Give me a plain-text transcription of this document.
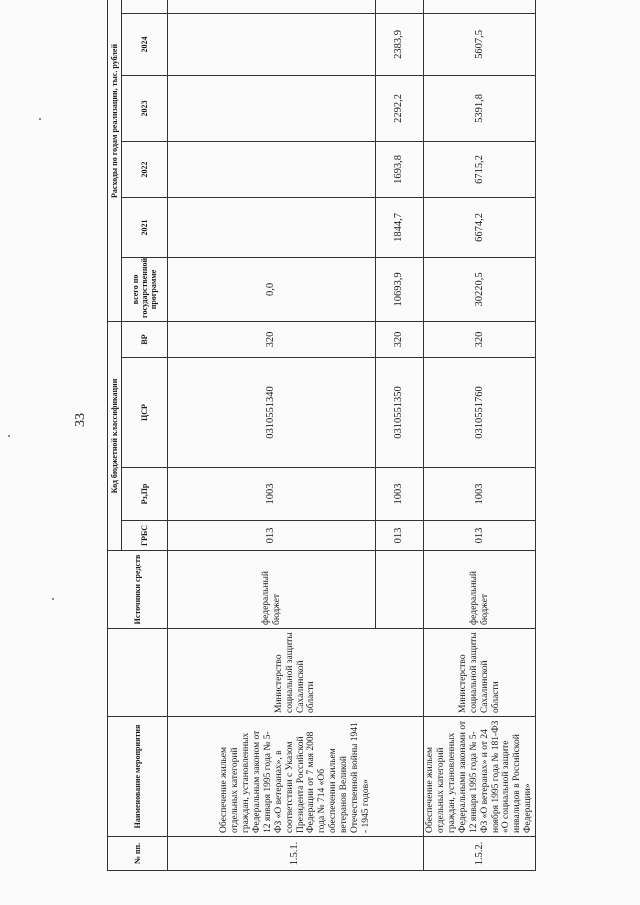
33
№ пп.	Наименование мероприятия		Источники средств	Код бюджетной классификации				Расходы по годам реализации, тыс. рублей					
				ГРБС	Рз,Пр	ЦСР	ВР	всего по государственной программе	2021	2022	2023	2024	
1.5.1.	Обеспечение жильем отдельных категорий граждан, установленных Федеральным законом от 12 января 1995 года № 5-ФЗ «О ветеранах», в соответствии с Указом Президента Российской Федерации от 7 мая 2008 года № 714 «Об обеспечении жильем ветеранов Великой Отечественной войны 1941 - 1945 годов»	Министерство социальной защиты Сахалинской области	федеральный бюджет	013	1003	0310551340	320	0,0					
				013	1003	0310551350	320	10693,9	1844,7	1693,8	2292,2	2383,9	
1.5.2.	Обеспечение жильем отдельных категорий граждан, установленных Федеральными законами от 12 января 1995 года № 5-ФЗ «О ветеранах» и от 24 ноября 1995 года № 181-ФЗ «О социальной защите инвалидов в Российской Федерации»	Министерство социальной защиты Сахалинской области	федеральный бюджет	013	1003	0310551760	320	30220,5	6674,2	6715,2	5391,8	5607,5	
